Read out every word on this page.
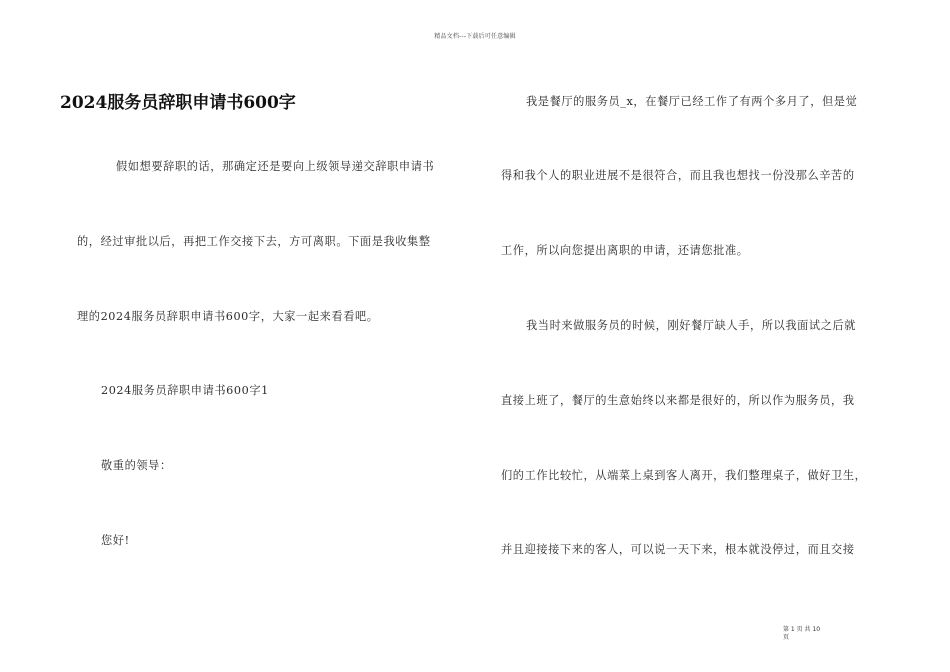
精品文档---下载后可任意编辑
2024服务员辞职申请书600字
假如想要辞职的话，那确定还是要向上级领导递交辞职申请书
的，经过审批以后，再把工作交接下去，方可离职。下面是我收集整
理的2024服务员辞职申请书600字，大家一起来看看吧。
2024服务员辞职申请书600字1
敬重的领导：
您好!
我是餐厅的服务员_x，在餐厅已经工作了有两个多月了，但是觉
得和我个人的职业进展不是很符合，而且我也想找一份没那么辛苦的
工作，所以向您提出离职的申请，还请您批准。
我当时来做服务员的时候，刚好餐厅缺人手，所以我面试之后就
直接上班了，餐厅的生意始终以来都是很好的，所以作为服务员，我
们的工作比较忙，从端菜上桌到客人离开，我们整理桌子，做好卫生，
并且迎接接下来的客人，可以说一天下来，根本就没停过，而且交接
第 1 页 共 10
页
